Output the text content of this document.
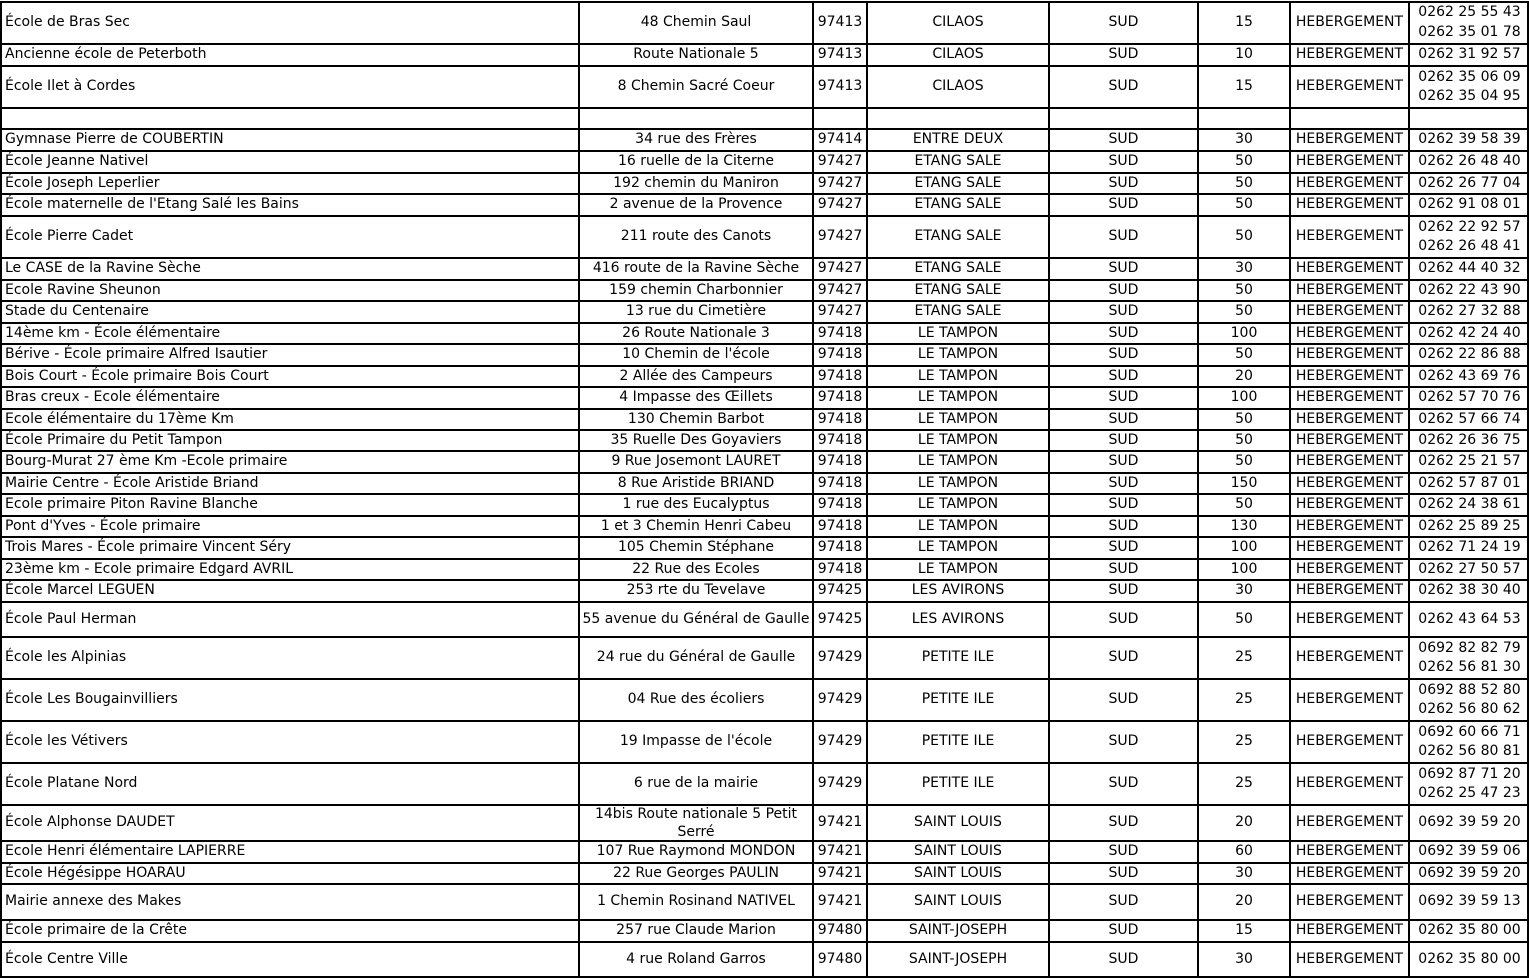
École de Bras Sec	48 Chemin Saul	97413	CILAOS	SUD	15	HEBERGEMENT
0262 25 55 43
0262 35 01 78
Ancienne école de Peterboth	Route Nationale 5	97413	CILAOS	SUD	10	HEBERGEMENT 0262 31 92 57
École Ilet à Cordes	8 Chemin Sacré Coeur	97413	CILAOS	SUD	15	HEBERGEMENT
0262 35 06 09
0262 35 04 95
Gymnase Pierre de COUBERTIN	34 rue des Frères	97414	ENTRE DEUX	SUD	30	HEBERGEMENT 0262 39 58 39
École Jeanne Nativel	16 ruelle de la Citerne	97427	ETANG SALE	SUD	50	HEBERGEMENT 0262 26 48 40
École Joseph Leperlier	192 chemin du Maniron	97427	ETANG SALE	SUD	50	HEBERGEMENT 0262 26 77 04
École maternelle de l'Etang Salé les Bains	2 avenue de la Provence	97427	ETANG SALE	SUD	50	HEBERGEMENT 0262 91 08 01
École Pierre Cadet	211 route des Canots	97427	ETANG SALE	SUD	50	HEBERGEMENT
0262 22 92 57
0262 26 48 41
Le CASE de la Ravine Sèche	416 route de la Ravine Sèche 97427	ETANG SALE	SUD	30	HEBERGEMENT 0262 44 40 32
Ecole Ravine Sheunon	159 chemin Charbonnier 97427	ETANG SALE	SUD	50	HEBERGEMENT 0262 22 43 90
Stade du Centenaire	13 rue du Cimetière	97427	ETANG SALE	SUD	50	HEBERGEMENT 0262 27 32 88
14ème km - École élémentaire	26 Route Nationale 3	97418	LE TAMPON	SUD	100	HEBERGEMENT 0262 42 24 40
Bérive - École primaire Alfred Isautier	10 Chemin de l'école	97418	LE TAMPON	SUD	50	HEBERGEMENT 0262 22 86 88
Bois Court - École primaire Bois Court	2 Allée des Campeurs	97418	LE TAMPON	SUD	20	HEBERGEMENT 0262 43 69 76
Bras creux - Ecole élémentaire	4 Impasse des Œillets	97418	LE TAMPON	SUD	100	HEBERGEMENT 0262 57 70 76
Ecole élémentaire du 17ème Km	130 Chemin Barbot	97418	LE TAMPON	SUD	50	HEBERGEMENT 0262 57 66 74
École Primaire du Petit Tampon	35 Ruelle Des Goyaviers	97418	LE TAMPON	SUD	50	HEBERGEMENT 0262 26 36 75
Bourg-Murat 27 ème Km -Ecole primaire	9 Rue Josemont LAURET	97418	LE TAMPON	SUD	50	HEBERGEMENT 0262 25 21 57
Mairie Centre - École Aristide Briand	8 Rue Aristide BRIAND	97418	LE TAMPON	SUD	150	HEBERGEMENT 0262 57 87 01
Ecole primaire Piton Ravine Blanche	1 rue des Eucalyptus	97418	LE TAMPON	SUD	50	HEBERGEMENT 0262 24 38 61
Pont d'Yves - École primaire	1 et 3 Chemin Henri Cabeu 97418	LE TAMPON	SUD	130	HEBERGEMENT 0262 25 89 25
Trois Mares - École primaire Vincent Séry	105 Chemin Stéphane	97418	LE TAMPON	SUD	100	HEBERGEMENT 0262 71 24 19
23ème km - Ecole primaire Edgard AVRIL	22 Rue des Ecoles	97418	LE TAMPON	SUD	100	HEBERGEMENT 0262 27 50 57
École Marcel LEGUEN	253 rte du Tevelave	97425	LES AVIRONS	SUD	30	HEBERGEMENT 0262 38 30 40
École Paul Herman	55 avenue du Général de Gaulle 97425	LES AVIRONS	SUD	50	HEBERGEMENT 0262 43 64 53
École les Alpinias	24 rue du Général de Gaulle 97429	PETITE ILE	SUD	25	HEBERGEMENT
0692 82 82 79
0262 56 81 30
École Les Bougainvilliers	04 Rue des écoliers	97429	PETITE ILE	SUD	25	HEBERGEMENT
0692 88 52 80
0262 56 80 62
École les Vétivers	19 Impasse de l'école	97429	PETITE ILE	SUD	25	HEBERGEMENT
0692 60 66 71
0262 56 80 81
École Platane Nord	6 rue de la mairie	97429	PETITE ILE	SUD	25	HEBERGEMENT
0692 87 71 20
0262 25 47 23
École Alphonse DAUDET
14bis Route nationale 5 Petit Serré
97421	SAINT LOUIS	SUD	20	HEBERGEMENT 0692 39 59 20
Ecole Henri élémentaire LAPIERRE	107 Rue Raymond MONDON 97421	SAINT LOUIS	SUD	60	HEBERGEMENT 0692 39 59 06
École Hégésippe HOARAU	22 Rue Georges PAULIN	97421	SAINT LOUIS	SUD	30	HEBERGEMENT 0692 39 59 20
Mairie annexe des Makes	1 Chemin Rosinand NATIVEL 97421	SAINT LOUIS	SUD	20	HEBERGEMENT 0692 39 59 13
École primaire de la Crête	257 rue Claude Marion	97480	SAINT-JOSEPH	SUD	15	HEBERGEMENT 0262 35 80 00
École Centre Ville	4 rue Roland Garros	97480	SAINT-JOSEPH	SUD	30	HEBERGEMENT 0262 35 80 00
